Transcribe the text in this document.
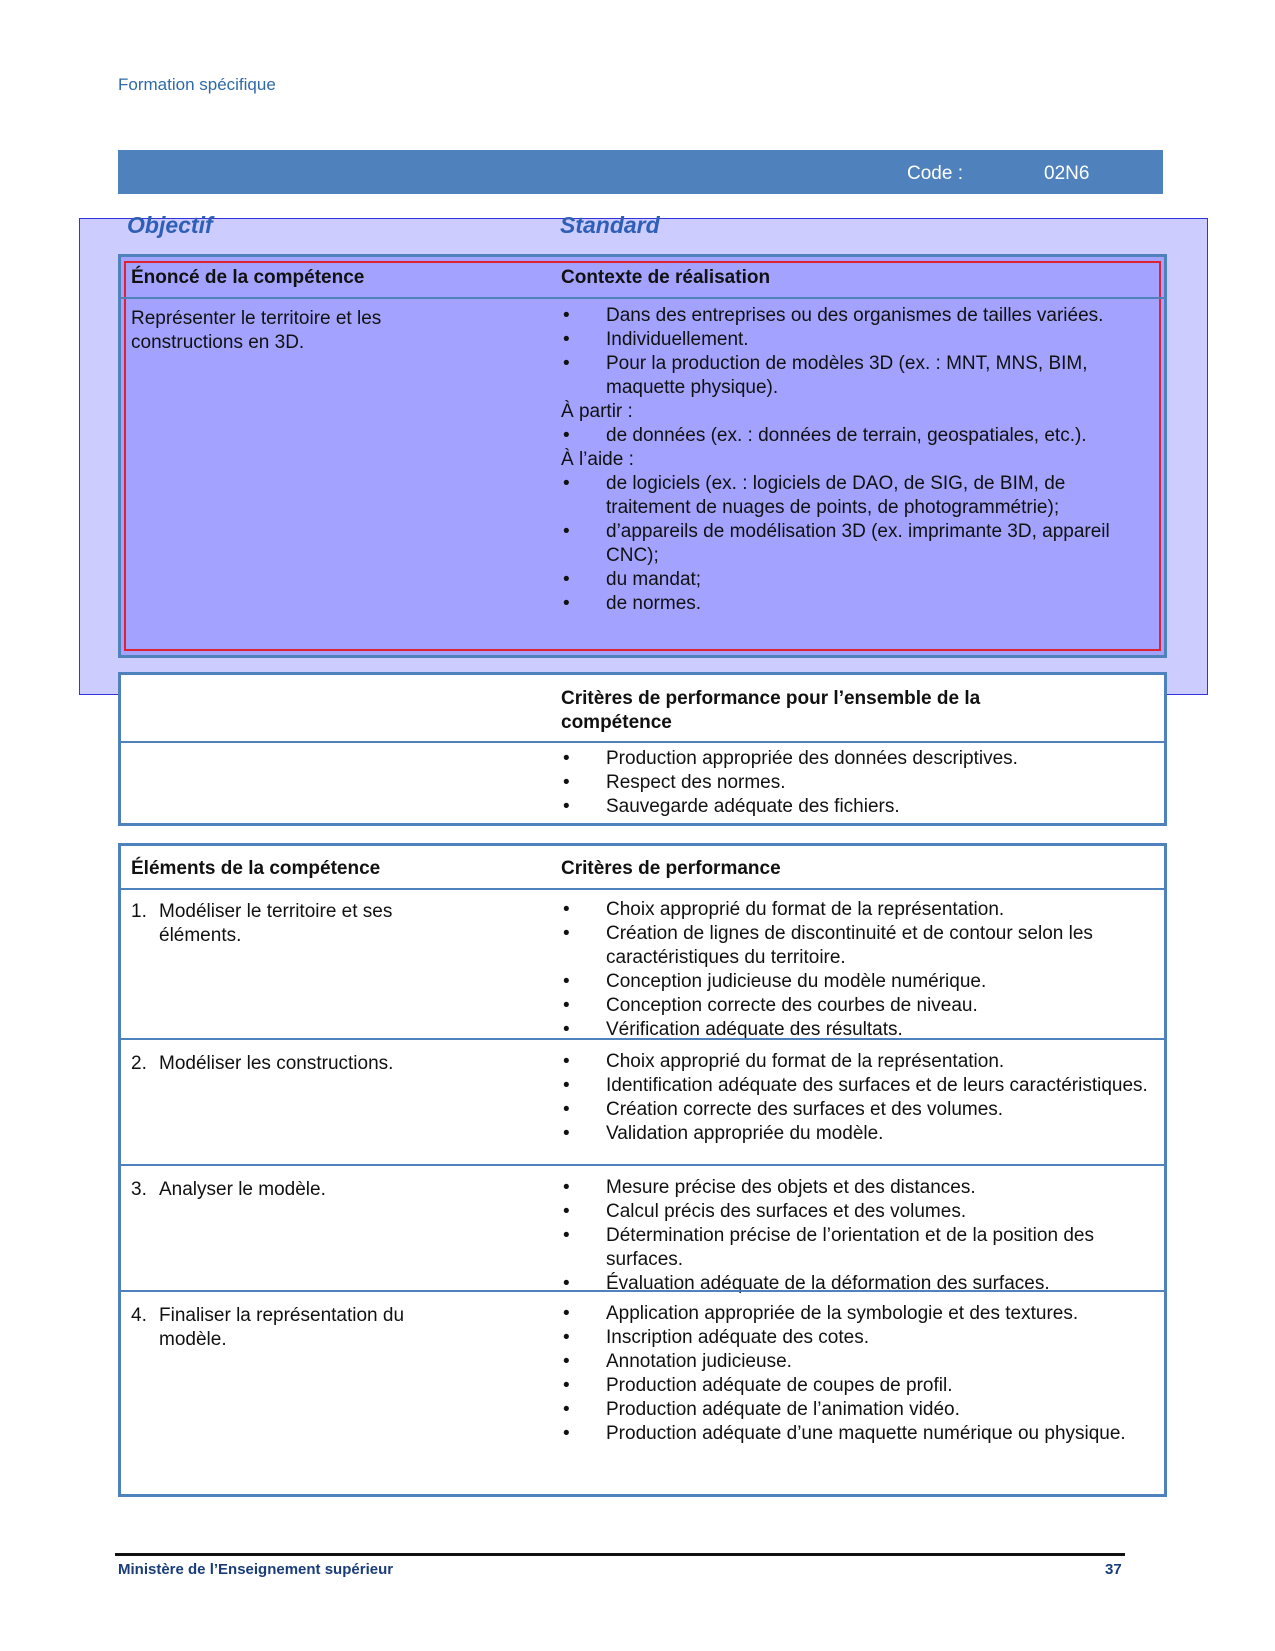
Formation spécifique
Code :	02N6
Objectif	Standard
Énoncé de la compétence	Contexte de réalisation
Représenter le territoire et les constructions en 3D.
•	Dans des entreprises ou des organismes de tailles variées.
•	Individuellement.
•	Pour la production de modèles 3D (ex. : MNT, MNS, BIM, maquette physique).
À partir :
•	de données (ex. : données de terrain, geospatiales, etc.).
À l’aide :
•	de logiciels (ex. : logiciels de DAO, de SIG, de BIM, de traitement de nuages de points, de photogrammétrie);
•	d’appareils de modélisation 3D (ex. imprimante 3D, appareil CNC);
•	du mandat;
•	de normes.
Critères de performance pour l’ensemble de la compétence
•	Production appropriée des données descriptives.
•	Respect des normes.
•	Sauvegarde adéquate des fichiers.
Éléments de la compétence	Critères de performance
1. Modéliser le territoire et ses éléments.
•	Choix approprié du format de la représentation.
•	Création de lignes de discontinuité et de contour selon les caractéristiques du territoire.
•	Conception judicieuse du modèle numérique.
•	Conception correcte des courbes de niveau.
•	Vérification adéquate des résultats.
2. Modéliser les constructions.	•	Choix approprié du format de la représentation.
•	Identification adéquate des surfaces et de leurs caractéristiques.
•	Création correcte des surfaces et des volumes.
•	Validation appropriée du modèle.
3. Analyser le modèle.	•	Mesure précise des objets et des distances.
•	Calcul précis des surfaces et des volumes.
•	Détermination précise de l’orientation et de la position des surfaces.
•	Évaluation adéquate de la déformation des surfaces.
4. Finaliser la représentation du modèle.
•	Application appropriée de la symbologie et des textures.
•	Inscription adéquate des cotes.
•	Annotation judicieuse.
•	Production adéquate de coupes de profil.
•	Production adéquate de l’animation vidéo.
•	Production adéquate d’une maquette numérique ou physique.
Ministère de l’Enseignement supérieur	37
